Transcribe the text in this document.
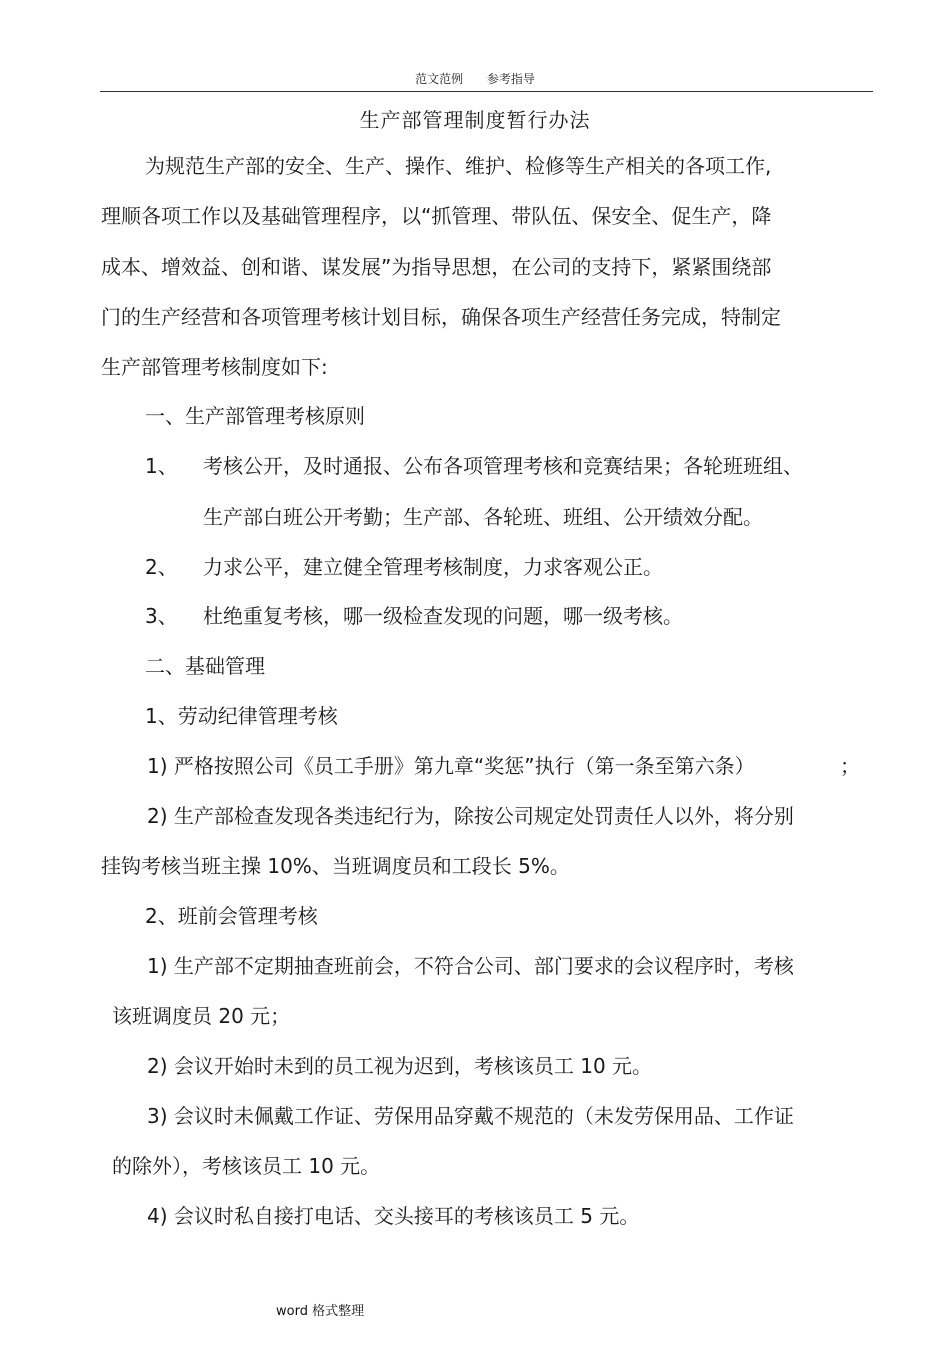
范文范例 参考指导
生产部管理制度暂行办法
为规范生产部的安全、生产、操作、维护、检修等生产相关的各项工作,
理顺各项工作以及基础管理程序，以“抓管理、带队伍、保安全、促生产，降
成本、增效益、创和谐、谋发展”为指导思想，在公司的支持下，紧紧围绕部
门的生产经营和各项管理考核计划目标，确保各项生产经营任务完成，特制定
生产部管理考核制度如下:
一、生产部管理考核原则
1、 考核公开，及时通报、公布各项管理考核和竞赛结果；各轮班班组、
生产部白班公开考勤；生产部、各轮班、班组、公开绩效分配。
2、 力求公平，建立健全管理考核制度，力求客观公正。
3、 杜绝重复考核，哪一级检查发现的问题，哪一级考核。
二、基础管理
1、劳动纪律管理考核
1) 严格按照公司《员工手册》第九章“奖惩”执行（第一条至第六条）	；
2) 生产部检查发现各类违纪行为，除按公司规定处罚责任人以外，将分别
挂钩考核当班主操 10%、当班调度员和工段长 5%。
2、班前会管理考核
1) 生产部不定期抽查班前会，不符合公司、部门要求的会议程序时，考核
该班调度员 20 元；
2) 会议开始时未到的员工视为迟到，考核该员工 10 元。
3) 会议时未佩戴工作证、劳保用品穿戴不规范的（未发劳保用品、工作证
的除外），考核该员工 10 元。
4) 会议时私自接打电话、交头接耳的考核该员工 5 元。
word 格式整理
